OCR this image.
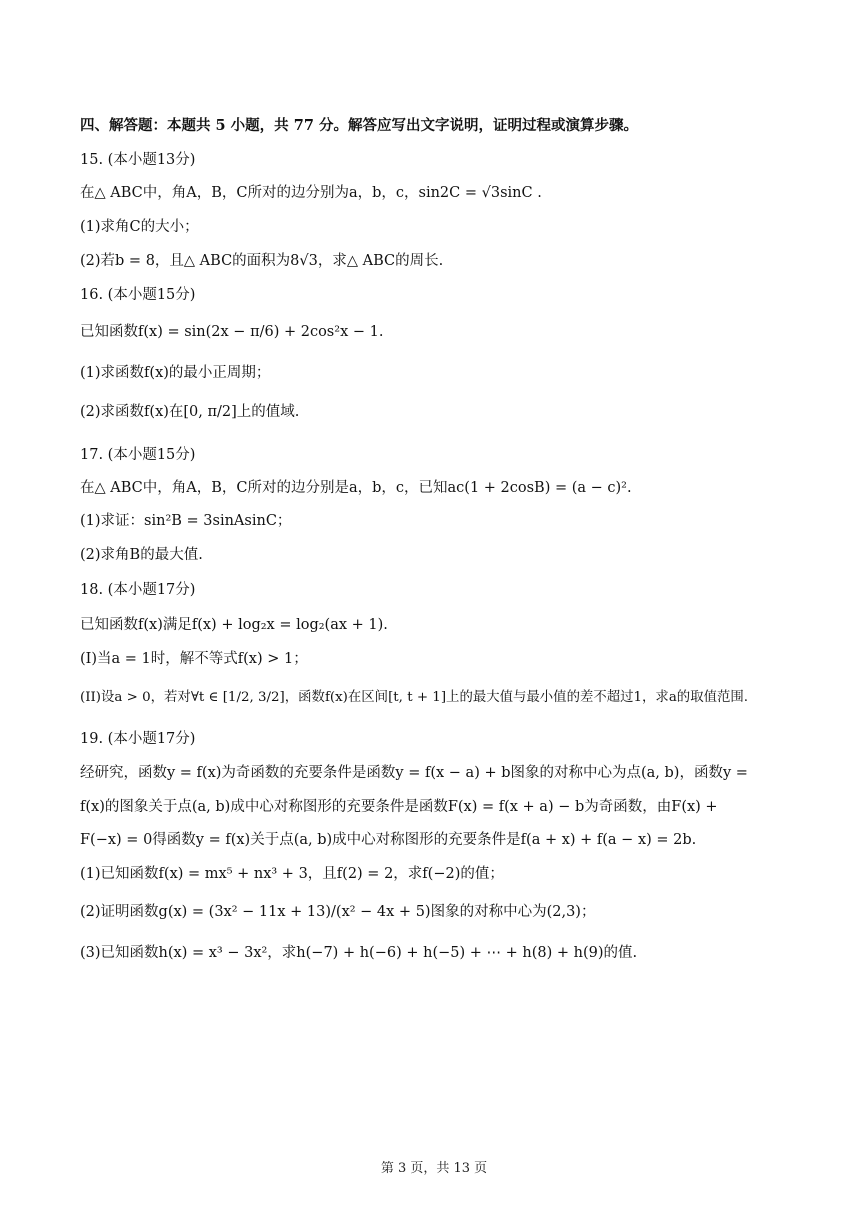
四、解答题：本题共 5 小题，共 77 分。解答应写出文字说明，证明过程或演算步骤。
15. (本小题13分)
在△ ABC中，角A，B，C所对的边分别为a，b，c，sin2C = √3sinC .
(1)求角C的大小；
(2)若b = 8，且△ ABC的面积为8√3，求△ ABC的周长.
16. (本小题15分)
已知函数f(x) = sin(2x − π/6) + 2cos²x − 1.
(1)求函数f(x)的最小正周期；
(2)求函数f(x)在[0, π/2]上的值域.
17. (本小题15分)
在△ ABC中，角A，B，C所对的边分别是a，b，c，已知ac(1 + 2cosB) = (a − c)².
(1)求证：sin²B = 3sinAsinC；
(2)求角B的最大值.
18. (本小题17分)
已知函数f(x)满足f(x) + log₂x = log₂(ax + 1).
(I)当a = 1时，解不等式f(x) > 1；
(II)设a > 0，若对∀t ∈ [1/2, 3/2]，函数f(x)在区间[t, t + 1]上的最大值与最小值的差不超过1，求a的取值范围.
19. (本小题17分)
经研究，函数y = f(x)为奇函数的充要条件是函数y = f(x − a) + b图象的对称中心为点(a, b)，函数y =
f(x)的图象关于点(a, b)成中心对称图形的充要条件是函数F(x) = f(x + a) − b为奇函数，由F(x) +
F(−x) = 0得函数y = f(x)关于点(a, b)成中心对称图形的充要条件是f(a + x) + f(a − x) = 2b.
(1)已知函数f(x) = mx⁵ + nx³ + 3，且f(2) = 2，求f(−2)的值；
(2)证明函数g(x) = (3x² − 11x + 13)/(x² − 4x + 5)图象的对称中心为(2,3)；
(3)已知函数h(x) = x³ − 3x²，求h(−7) + h(−6) + h(−5) + ⋯ + h(8) + h(9)的值.
第 3 页，共 13 页
